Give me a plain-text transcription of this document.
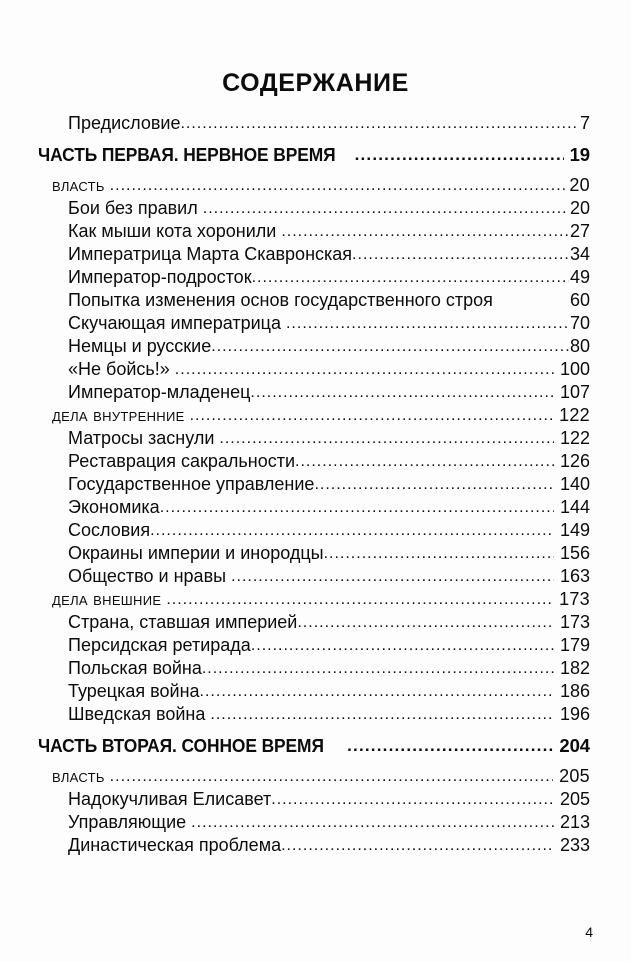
СОДЕРЖАНИЕ
Предисловие .....	7
ЧАСТЬ ПЕРВАЯ. НЕРВНОЕ ВРЕМЯ .....	19
власть .....	20
Бои без правил .....	20
Как мыши кота хоронили .....	27
Императрица Марта Скавронская .....	34
Император-подросток .....	49
Попытка изменения основ государственного строя	60
Скучающая императрица .....	70
Немцы и русские .....	80
«Не бойсь!» .....	100
Император-младенец .....	107
дела внутренние .....	122
Матросы заснули .....	122
Реставрация сакральности .....	126
Государственное управление .....	140
Экономика .....	144
Сословия .....	149
Окраины империи и инородцы .....	156
Общество и нравы .....	163
дела внешние .....	173
Страна, ставшая империей .....	173
Персидская ретирада .....	179
Польская война .....	182
Турецкая война .....	186
Шведская война .....	196
ЧАСТЬ ВТОРАЯ. СОННОЕ ВРЕМЯ .....	204
власть .....	205
Надокучливая Елисавет .....	205
Управляющие .....	213
Династическая проблема .....	233
4
